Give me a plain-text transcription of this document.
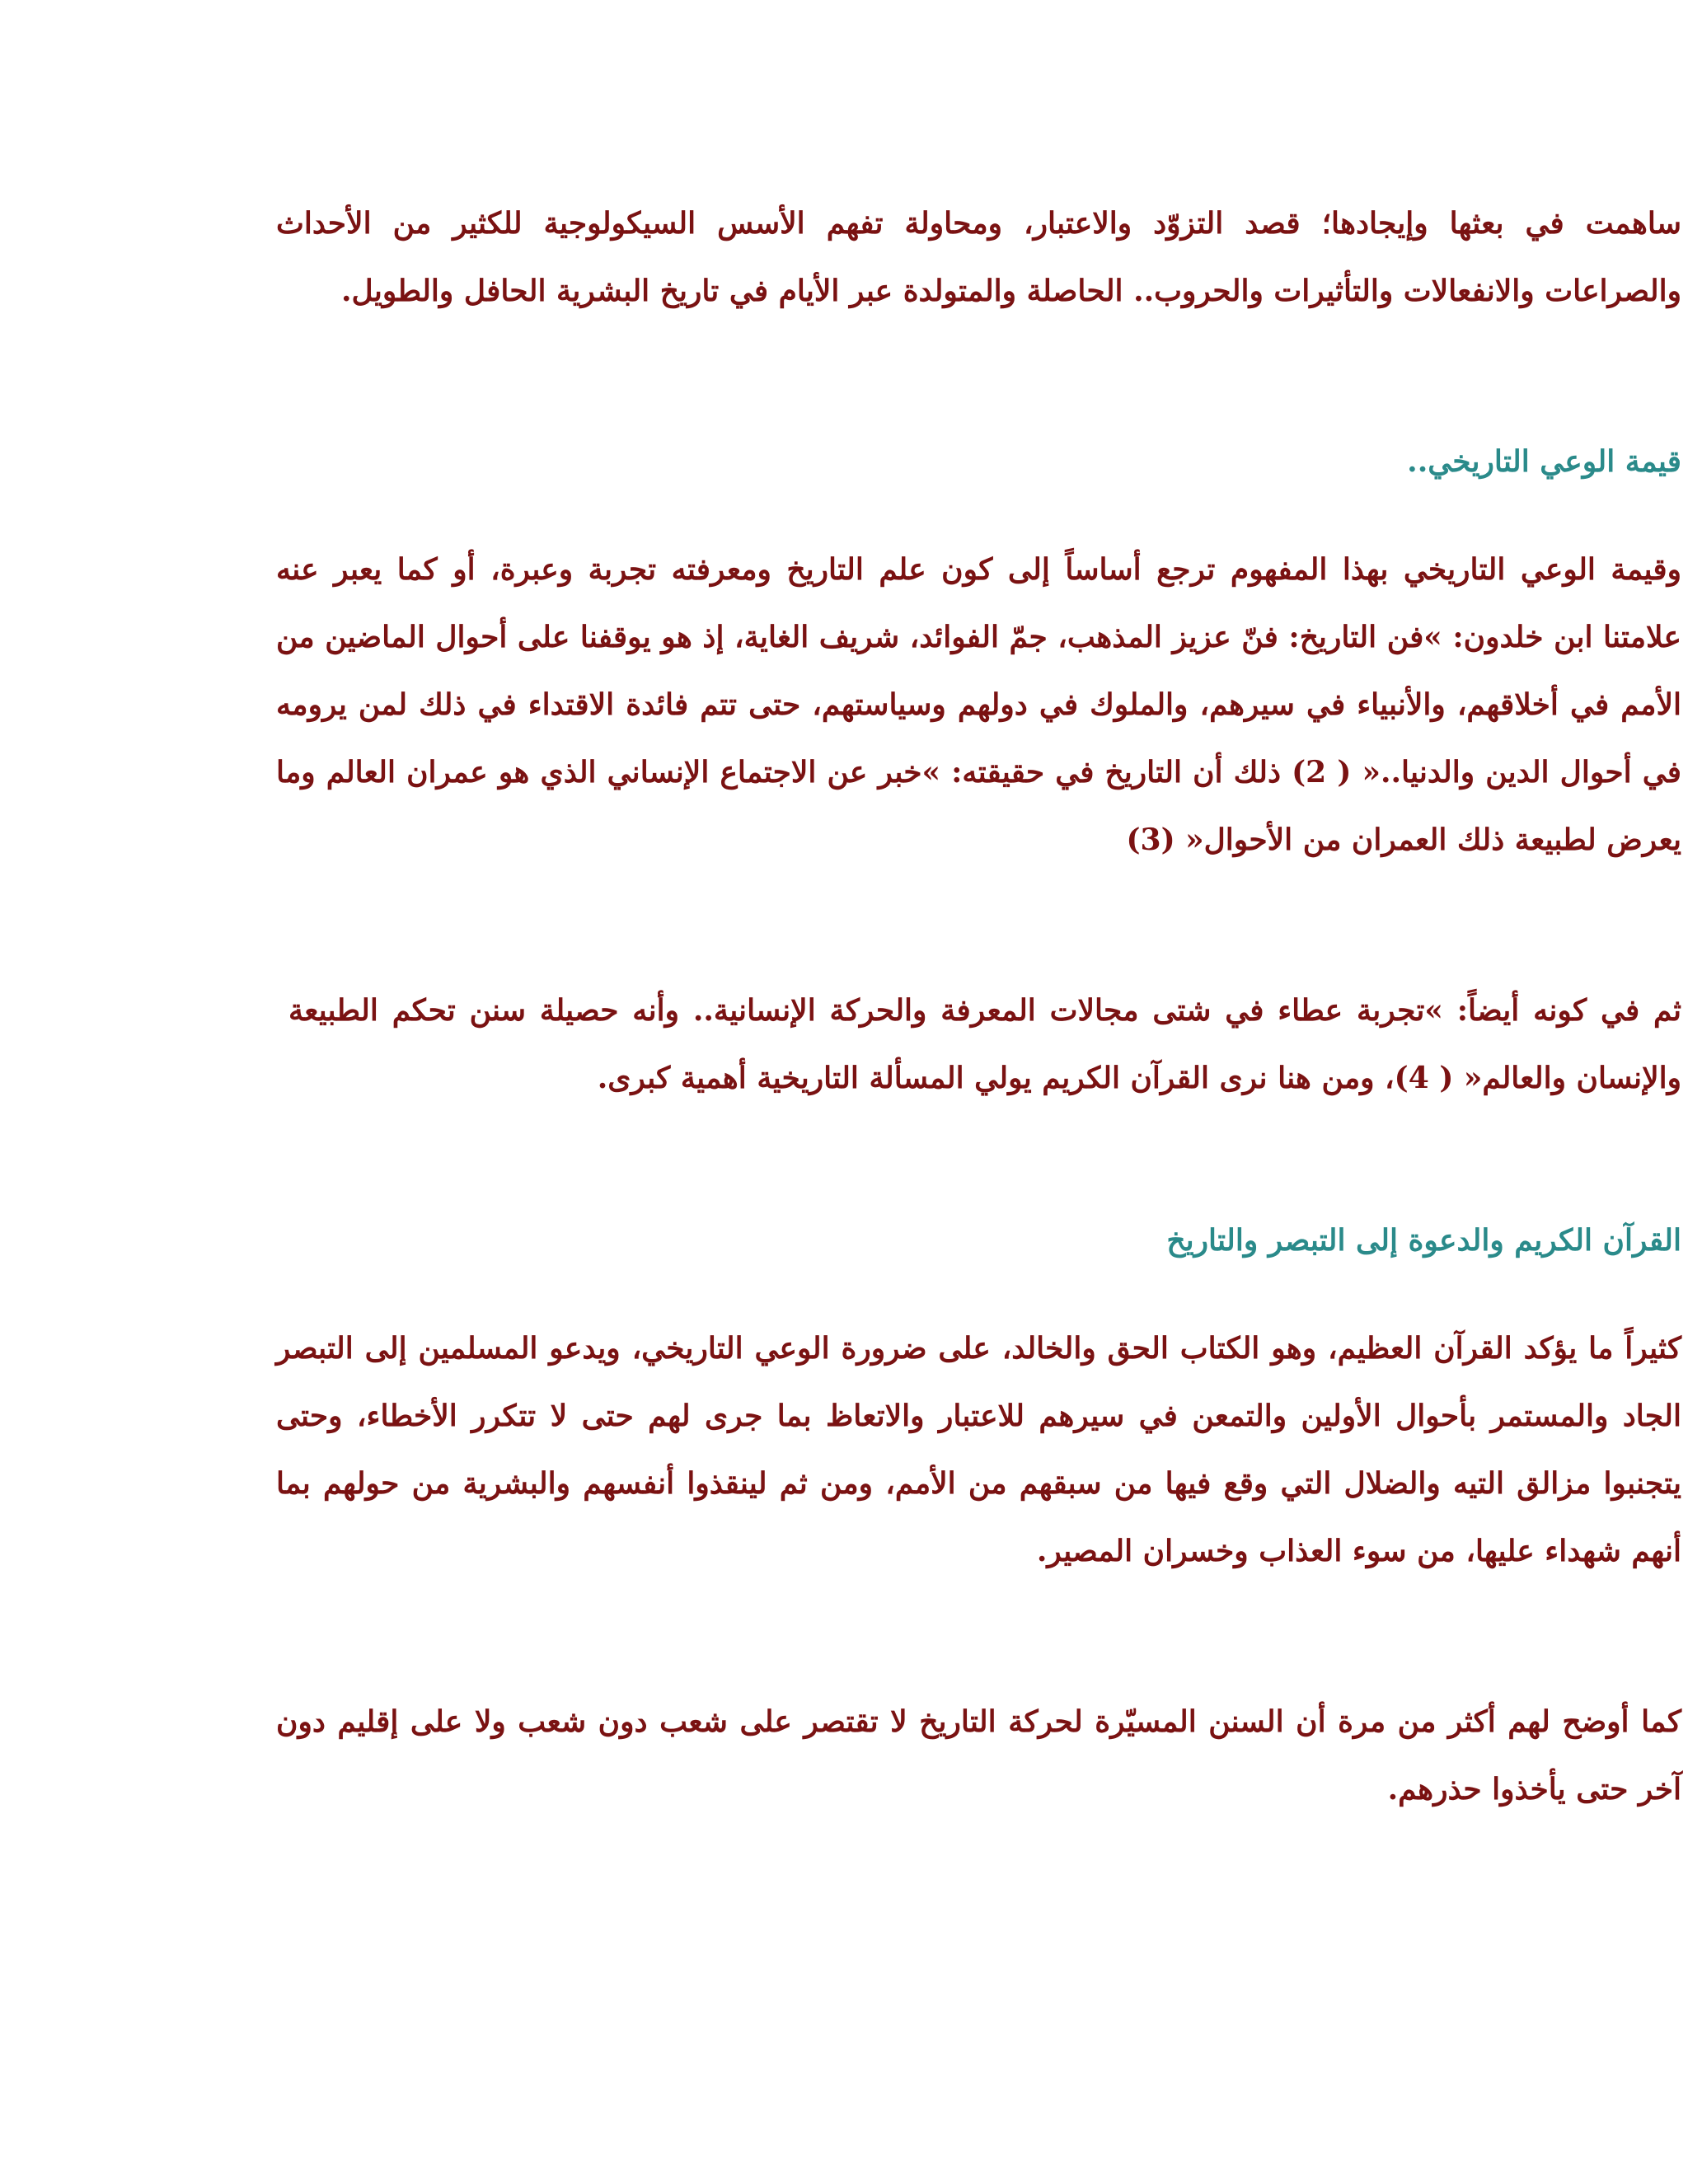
ساهمت في بعثها وإيجادها؛ قصد التزوّد والاعتبار، ومحاولة تفهم الأسس السيكولوجية للكثير من الأحداث والصراعات والانفعالات والتأثيرات والحروب.. الحاصلة والمتولدة عبر الأيام في تاريخ البشرية الحافل والطويل.

قيمة الوعي التاريخي..

وقيمة الوعي التاريخي بهذا المفهوم ترجع أساساً إلى كون علم التاريخ ومعرفته تجربة وعبرة، أو كما يعبر عنه علامتنا ابن خلدون: »فن التاريخ: فنّ عزيز المذهب، جمّ الفوائد، شريف الغاية، إذ هو يوقفنا على أحوال الماضين من الأمم في أخلاقهم، والأنبياء في سيرهم، والملوك في دولهم وسياستهم، حتى تتم فائدة الاقتداء في ذلك لمن يرومه في أحوال الدين والدنيا..« ( 2) ذلك أن التاريخ في حقيقته: »خبر عن الاجتماع الإنساني الذي هو عمران العالم وما يعرض لطبيعة ذلك العمران من الأحوال« (3)

ثم في كونه أيضاً: »تجربة عطاء في شتى مجالات المعرفة والحركة الإنسانية.. وأنه حصيلة سنن تحكم الطبيعة والإنسان والعالم« ( 4)، ومن هنا نرى القرآن الكريم يولي المسألة التاريخية أهمية كبرى.

القرآن الكريم والدعوة إلى التبصر والتاريخ

كثيراً ما يؤكد القرآن العظيم، وهو الكتاب الحق والخالد، على ضرورة الوعي التاريخي، ويدعو المسلمين إلى التبصر الجاد والمستمر بأحوال الأولين والتمعن في سيرهم للاعتبار والاتعاظ بما جرى لهم حتى لا تتكرر الأخطاء، وحتى يتجنبوا مزالق التيه والضلال التي وقع فيها من سبقهم من الأمم، ومن ثم لينقذوا أنفسهم والبشرية من حولهم بما أنهم شهداء عليها، من سوء العذاب وخسران المصير.

كما أوضح لهم أكثر من مرة أن السنن المسيّرة لحركة التاريخ لا تقتصر على شعب دون شعب ولا على إقليم دون آخر حتى يأخذوا حذرهم.
